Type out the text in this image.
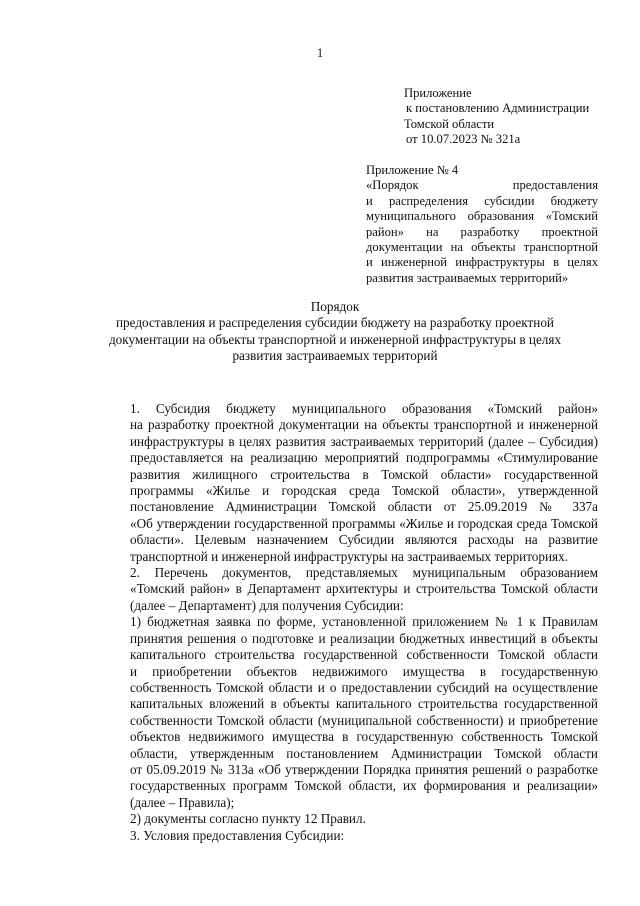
1
Приложение
к постановлению Администрации
Томской области
от 10.07.2023 № 321а
Приложение № 4
«Порядок предоставления
и распределения субсидии бюджету
муниципального образования «Томский
район» на разработку проектной
документации на объекты транспортной
и инженерной инфраструктуры в целях
развития застраиваемых территорий»
Порядок
предоставления и распределения субсидии бюджету на разработку проектной
документации на объекты транспортной и инженерной инфраструктуры в целях
развития застраиваемых территорий

1. Субсидия бюджету муниципального образования «Томский район»
на разработку проектной документации на объекты транспортной и инженерной
инфраструктуры в целях развития застраиваемых территорий (далее – Субсидия)
предоставляется на реализацию мероприятий подпрограммы «Стимулирование
развития жилищного строительства в Томской области» государственной
программы «Жилье и городская среда Томской области», утвержденной
постановление Администрации Томской области от 25.09.2019 № 337а
«Об утверждении государственной программы «Жилье и городская среда Томской
области». Целевым назначением Субсидии являются расходы на развитие
транспортной и инженерной инфраструктуры на застраиваемых территориях.

2. Перечень документов, представляемых муниципальным образованием
«Томский район» в Департамент архитектуры и строительства Томской области
(далее – Департамент) для получения Субсидии:

1) бюджетная заявка по форме, установленной приложением № 1 к Правилам
принятия решения о подготовке и реализации бюджетных инвестиций в объекты
капитального строительства государственной собственности Томской области
и приобретении объектов недвижимого имущества в государственную
собственность Томской области и о предоставлении субсидий на осуществление
капитальных вложений в объекты капитального строительства государственной
собственности Томской области (муниципальной собственности) и приобретение
объектов недвижимого имущества в государственную собственность Томской
области, утвержденным постановлением Администрации Томской области
от 05.09.2019 № 313а «Об утверждении Порядка принятия решений о разработке
государственных программ Томской области, их формирования и реализации»
(далее – Правила);

2) документы согласно пункту 12 Правил.

3. Условия предоставления Субсидии:
